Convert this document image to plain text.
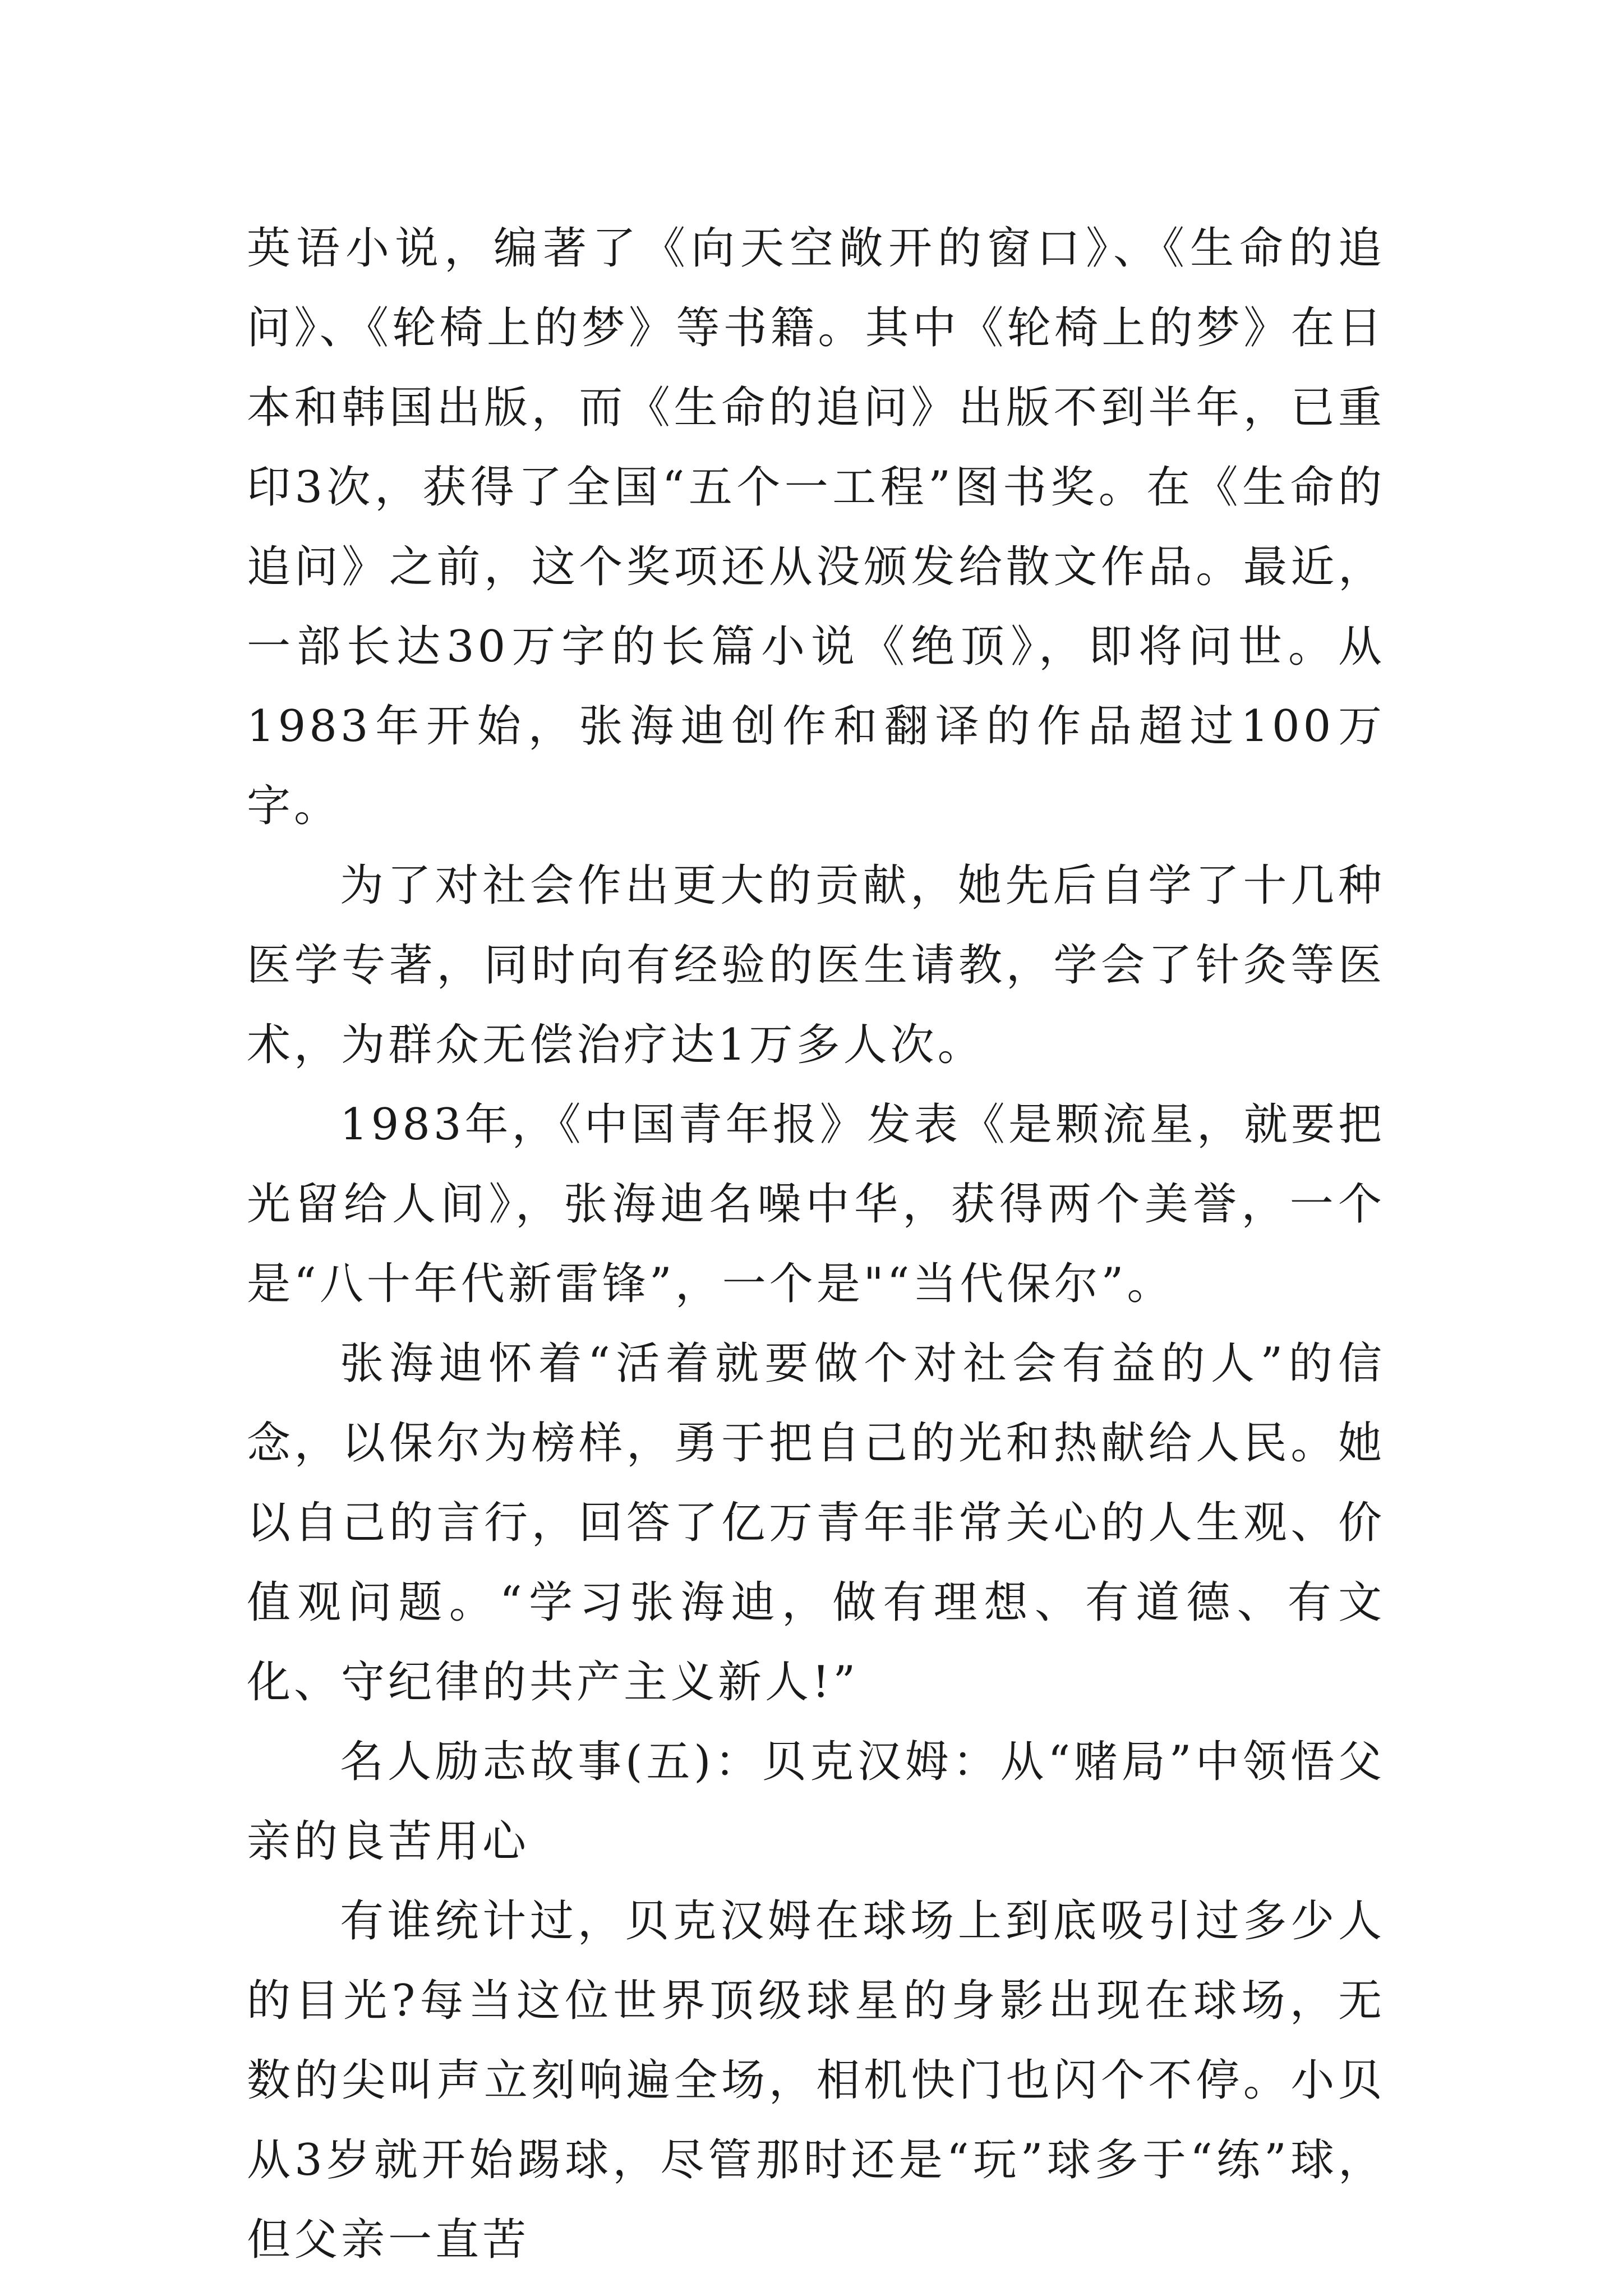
英语小说，编著了《向天空敞开的窗口》、《生命的追问》、《轮椅上的梦》等书籍。其中《轮椅上的梦》在日本和韩国出版，而《生命的追问》出版不到半年，已重印3次，获得了全国“五个一工程”图书奖。在《生命的追问》之前，这个奖项还从没颁发给散文作品。最近，一部长达30万字的长篇小说《绝顶》，即将问世。从1983年开始，张海迪创作和翻译的作品超过100万字。

为了对社会作出更大的贡献，她先后自学了十几种医学专著，同时向有经验的医生请教，学会了针灸等医术，为群众无偿治疗达1万多人次。

1983年，《中国青年报》发表《是颗流星，就要把光留给人间》，张海迪名噪中华，获得两个美誉，一个是“八十年代新雷锋”，一个是"“当代保尔”。

张海迪怀着“活着就要做个对社会有益的人”的信念，以保尔为榜样，勇于把自己的光和热献给人民。她以自己的言行，回答了亿万青年非常关心的人生观、价值观问题。“学习张海迪，做有理想、有道德、有文化、守纪律的共产主义新人!”

名人励志故事(五)：贝克汉姆：从“赌局”中领悟父亲的良苦用心

有谁统计过，贝克汉姆在球场上到底吸引过多少人的目光?每当这位世界顶级球星的身影出现在球场，无数的尖叫声立刻响遍全场，相机快门也闪个不停。小贝从3岁就开始踢球，尽管那时还是“玩”球多于“练”球，但父亲一直苦
